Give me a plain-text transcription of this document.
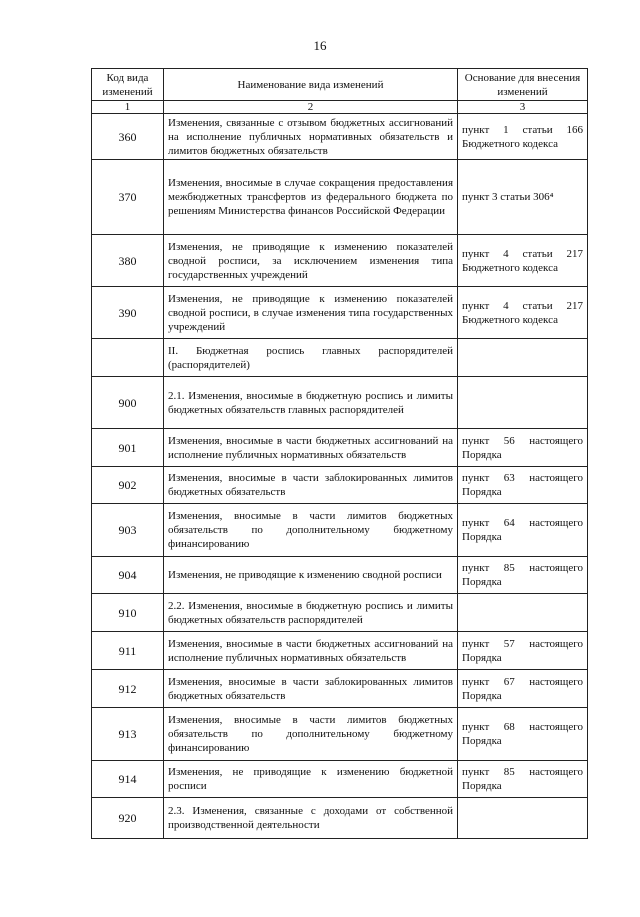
16
Код вида изменений	Наименование вида изменений	Основание для внесения изменений
1	2	3
360	Изменения, связанные с отзывом бюджетных ассигнований на исполнение публичных нормативных обязательств и лимитов бюджетных обязательств	пункт 1 статьи 166 Бюджетного кодекса
370	Изменения, вносимые в случае сокращения предоставления межбюджетных трансфертов из федерального бюджета по решениям Министерства финансов Российской Федерации	пункт 3 статьи 306⁴
380	Изменения, не приводящие к изменению показателей сводной росписи, за исключением изменения типа государственных учреждений	пункт 4 статьи 217 Бюджетного кодекса
390	Изменения, не приводящие к изменению показателей сводной росписи, в случае изменения типа государственных учреждений	пункт 4 статьи 217 Бюджетного кодекса
	II. Бюджетная роспись главных распорядителей (распорядителей)	
900	2.1. Изменения, вносимые в бюджетную роспись и лимиты бюджетных обязательств главных распорядителей	
901	Изменения, вносимые в части бюджетных ассигнований на исполнение публичных нормативных обязательств	пункт 56 настоящего Порядка
902	Изменения, вносимые в части заблокированных лимитов бюджетных обязательств	пункт 63 настоящего Порядка
903	Изменения, вносимые в части лимитов бюджетных обязательств по дополнительному бюджетному финансированию	пункт 64 настоящего Порядка
904	Изменения, не приводящие к изменению сводной росписи	пункт 85 настоящего Порядка
910	2.2. Изменения, вносимые в бюджетную роспись и лимиты бюджетных обязательств распорядителей	
911	Изменения, вносимые в части бюджетных ассигнований на исполнение публичных нормативных обязательств	пункт 57 настоящего Порядка
912	Изменения, вносимые в части заблокированных лимитов бюджетных обязательств	пункт 67 настоящего Порядка
913	Изменения, вносимые в части лимитов бюджетных обязательств по дополнительному бюджетному финансированию	пункт 68 настоящего Порядка
914	Изменения, не приводящие к изменению бюджетной росписи	пункт 85 настоящего Порядка
920	2.3. Изменения, связанные с доходами от собственной производственной деятельности	
